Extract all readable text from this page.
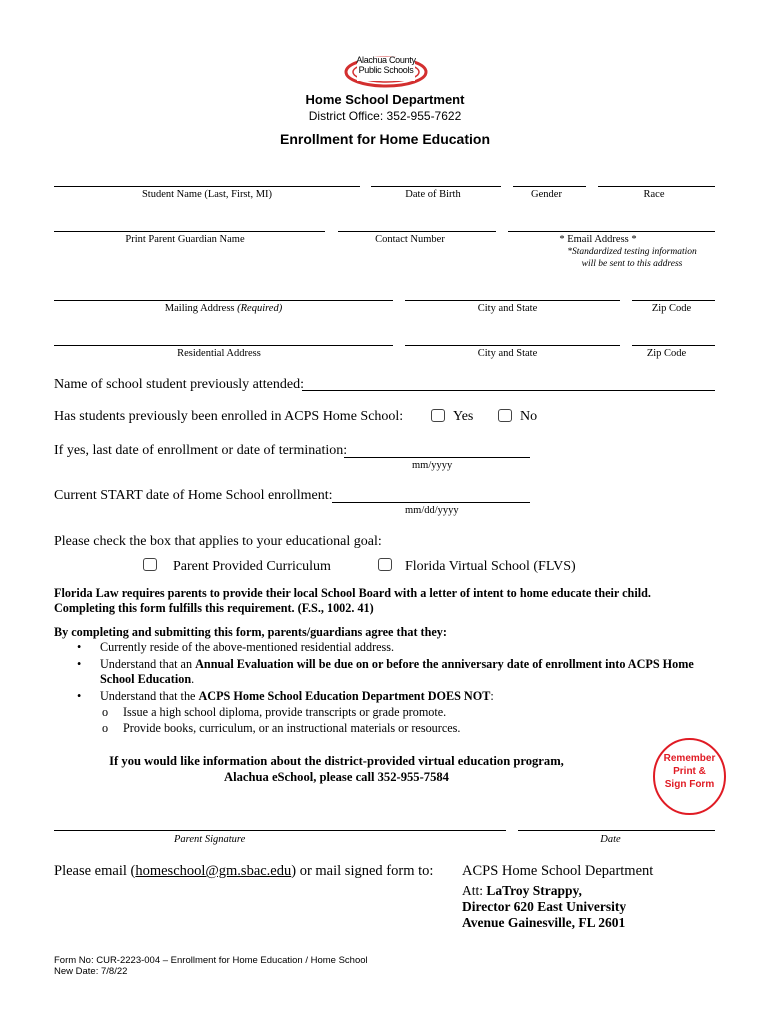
Alachua County
Public Schools
Home School Department
District Office: 352-955-7622
Enrollment for Home Education
Student Name (Last, First, MI)	Date of Birth	Gender	Race
Print Parent Guardian Name	Contact Number	* Email Address *
*Standardized testing information
will be sent to this address
Mailing Address (Required)	City and State	Zip Code
Residential Address	City and State	Zip Code
Name of school student previously attended:
Has students previously been enrolled in ACPS Home School:	Yes	No
If yes, last date of enrollment or date of termination:
mm/yyyy
Current START date of Home School enrollment:
mm/dd/yyyy
Please check the box that applies to your educational goal:
Parent Provided Curriculum	Florida Virtual School (FLVS)
Florida Law requires parents to provide their local School Board with a letter of intent to home educate their child.
Completing this form fulfills this requirement. (F.S., 1002. 41)
By completing and submitting this form, parents/guardians agree that they:
• Currently reside of the above-mentioned residential address.
• Understand that an Annual Evaluation will be due on or before the anniversary date of enrollment into ACPS Home School Education.
• Understand that the ACPS Home School Education Department DOES NOT:
o Issue a high school diploma, provide transcripts or grade promote.
o Provide books, curriculum, or an instructional materials or resources.
If you would like information about the district-provided virtual education program,
Alachua eSchool, please call 352-955-7584
Remember
Print &
Sign Form
Parent Signature	Date
Please email (homeschool@gm.sbac.edu) or mail signed form to: ACPS Home School Department
Att: LaTroy Strappy,
Director 620 East University
Avenue Gainesville, FL 2601
Form No: CUR-2223-004 – Enrollment for Home Education / Home School
New Date: 7/8/22
